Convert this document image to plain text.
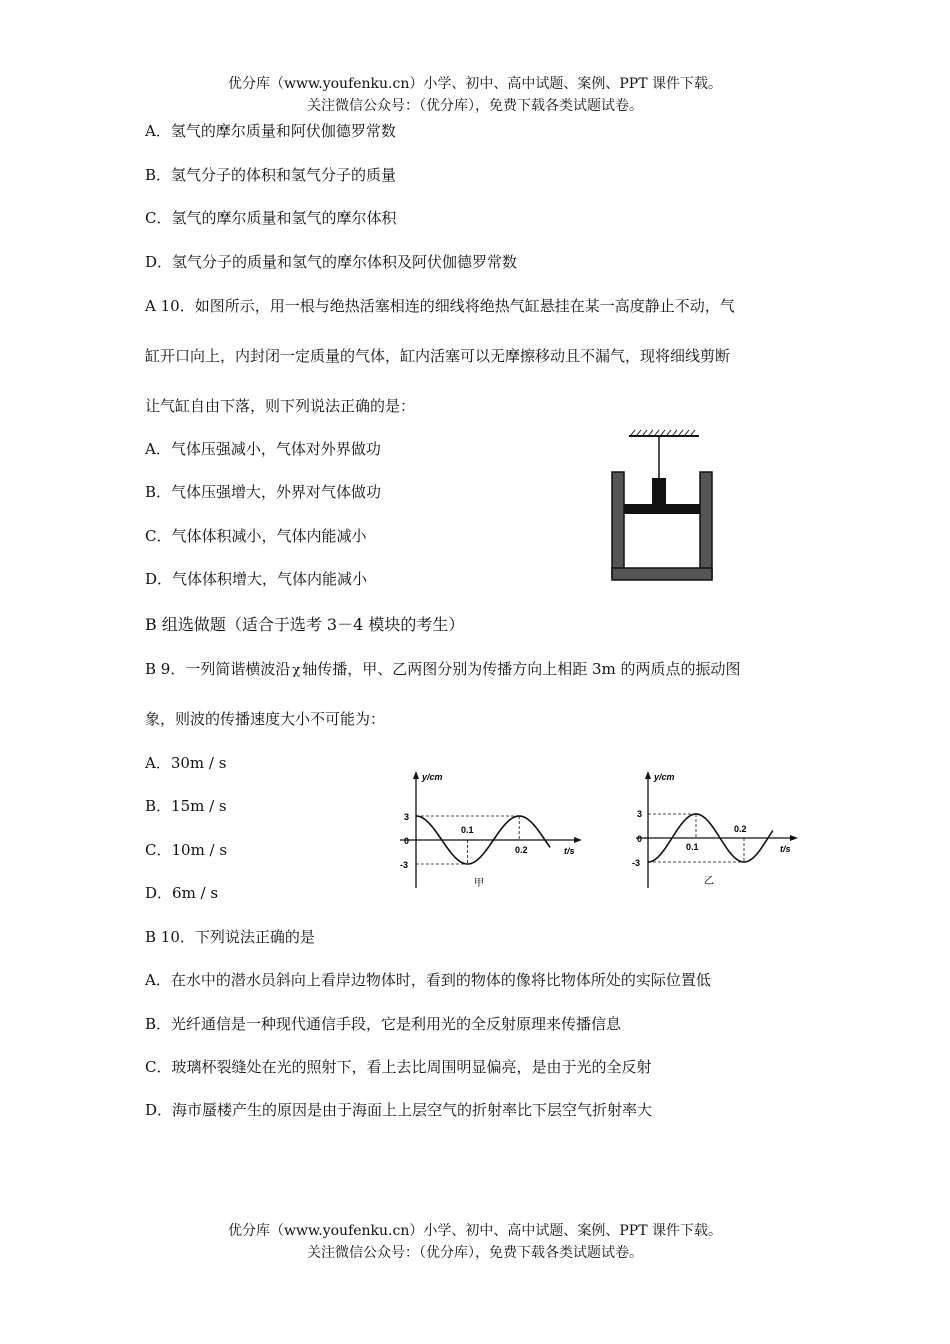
优分库（www.youfenku.cn）小学、初中、高中试题、案例、PPT 课件下载。
关注微信公众号：（优分库），免费下载各类试题试卷。
A．氢气的摩尔质量和阿伏伽德罗常数
B．氢气分子的体积和氢气分子的质量
C．氢气的摩尔质量和氢气的摩尔体积
D．氢气分子的质量和氢气的摩尔体积及阿伏伽德罗常数
A 10．如图所示，用一根与绝热活塞相连的细线将绝热气缸悬挂在某一高度静止不动，气
缸开口向上，内封闭一定质量的气体，缸内活塞可以无摩擦移动且不漏气，现将细线剪断
让气缸自由下落，则下列说法正确的是：
A．气体压强减小，气体对外界做功
B．气体压强增大，外界对气体做功
C．气体体积减小，气体内能减小
D．气体体积增大，气体内能减小
B 组选做题（适合于选考 3－4 模块的考生）
B 9．一列简谐横波沿 χ 轴传播，甲、乙两图分别为传播方向上相距 3m 的两质点的振动图
象，则波的传播速度大小不可能为：
A．30m / s
B．15m / s
C．10m / s
D．6m / s
y/cm
t/s
3
0
-3
0.1
0.2
甲
y/cm
t/s
3
0
-3
0.1
0.2
乙
B 10．下列说法正确的是
A．在水中的潜水员斜向上看岸边物体时，看到的物体的像将比物体所处的实际位置低
B．光纤通信是一种现代通信手段，它是利用光的全反射原理来传播信息
C．玻璃杯裂缝处在光的照射下，看上去比周围明显偏亮，是由于光的全反射
D．海市蜃楼产生的原因是由于海面上上层空气的折射率比下层空气折射率大
优分库（www.youfenku.cn）小学、初中、高中试题、案例、PPT 课件下载。
关注微信公众号：（优分库），免费下载各类试题试卷。
